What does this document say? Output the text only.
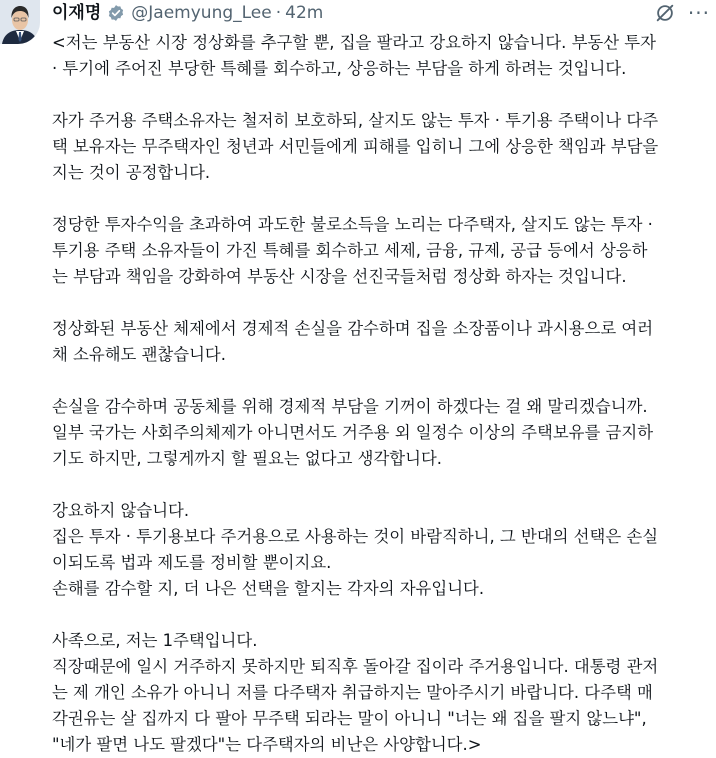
이재명 @Jaemyung_Lee · 42m	···

<저는 부동산 시장 정상화를 추구할 뿐, 집을 팔라고 강요하지 않습니다. 부동산 투자
· 투기에 주어진 부당한 특혜를 회수하고, 상응하는 부담을 하게 하려는 것입니다.

자가 주거용 주택소유자는 철저히 보호하되, 살지도 않는 투자 · 투기용 주택이나 다주
택 보유자는 무주택자인 청년과 서민들에게 피해를 입히니 그에 상응한 책임과 부담을
지는 것이 공정합니다.

정당한 투자수익을 초과하여 과도한 불로소득을 노리는 다주택자, 살지도 않는 투자 ·
투기용 주택 소유자들이 가진 특혜를 회수하고 세제, 금융, 규제, 공급 등에서 상응하
는 부담과 책임을 강화하여 부동산 시장을 선진국들처럼 정상화 하자는 것입니다.

정상화된 부동산 체제에서 경제적 손실을 감수하며 집을 소장품이나 과시용으로 여러
채 소유해도 괜찮습니다.

손실을 감수하며 공동체를 위해 경제적 부담을 기꺼이 하겠다는 걸 왜 말리겠습니까.
일부 국가는 사회주의체제가 아니면서도 거주용 외 일정수 이상의 주택보유를 금지하
기도 하지만, 그렇게까지 할 필요는 없다고 생각합니다.

강요하지 않습니다.
집은 투자 · 투기용보다 주거용으로 사용하는 것이 바람직하니, 그 반대의 선택은 손실
이되도록 법과 제도를 정비할 뿐이지요.
손해를 감수할 지, 더 나은 선택을 할지는 각자의 자유입니다.

사족으로, 저는 1주택입니다.
직장때문에 일시 거주하지 못하지만 퇴직후 돌아갈 집이라 주거용입니다. 대통령 관저
는 제 개인 소유가 아니니 저를 다주택자 취급하지는 말아주시기 바랍니다. 다주택 매
각권유는 살 집까지 다 팔아 무주택 되라는 말이 아니니 "너는 왜 집을 팔지 않느냐",
"네가 팔면 나도 팔겠다"는 다주택자의 비난은 사양합니다.>
